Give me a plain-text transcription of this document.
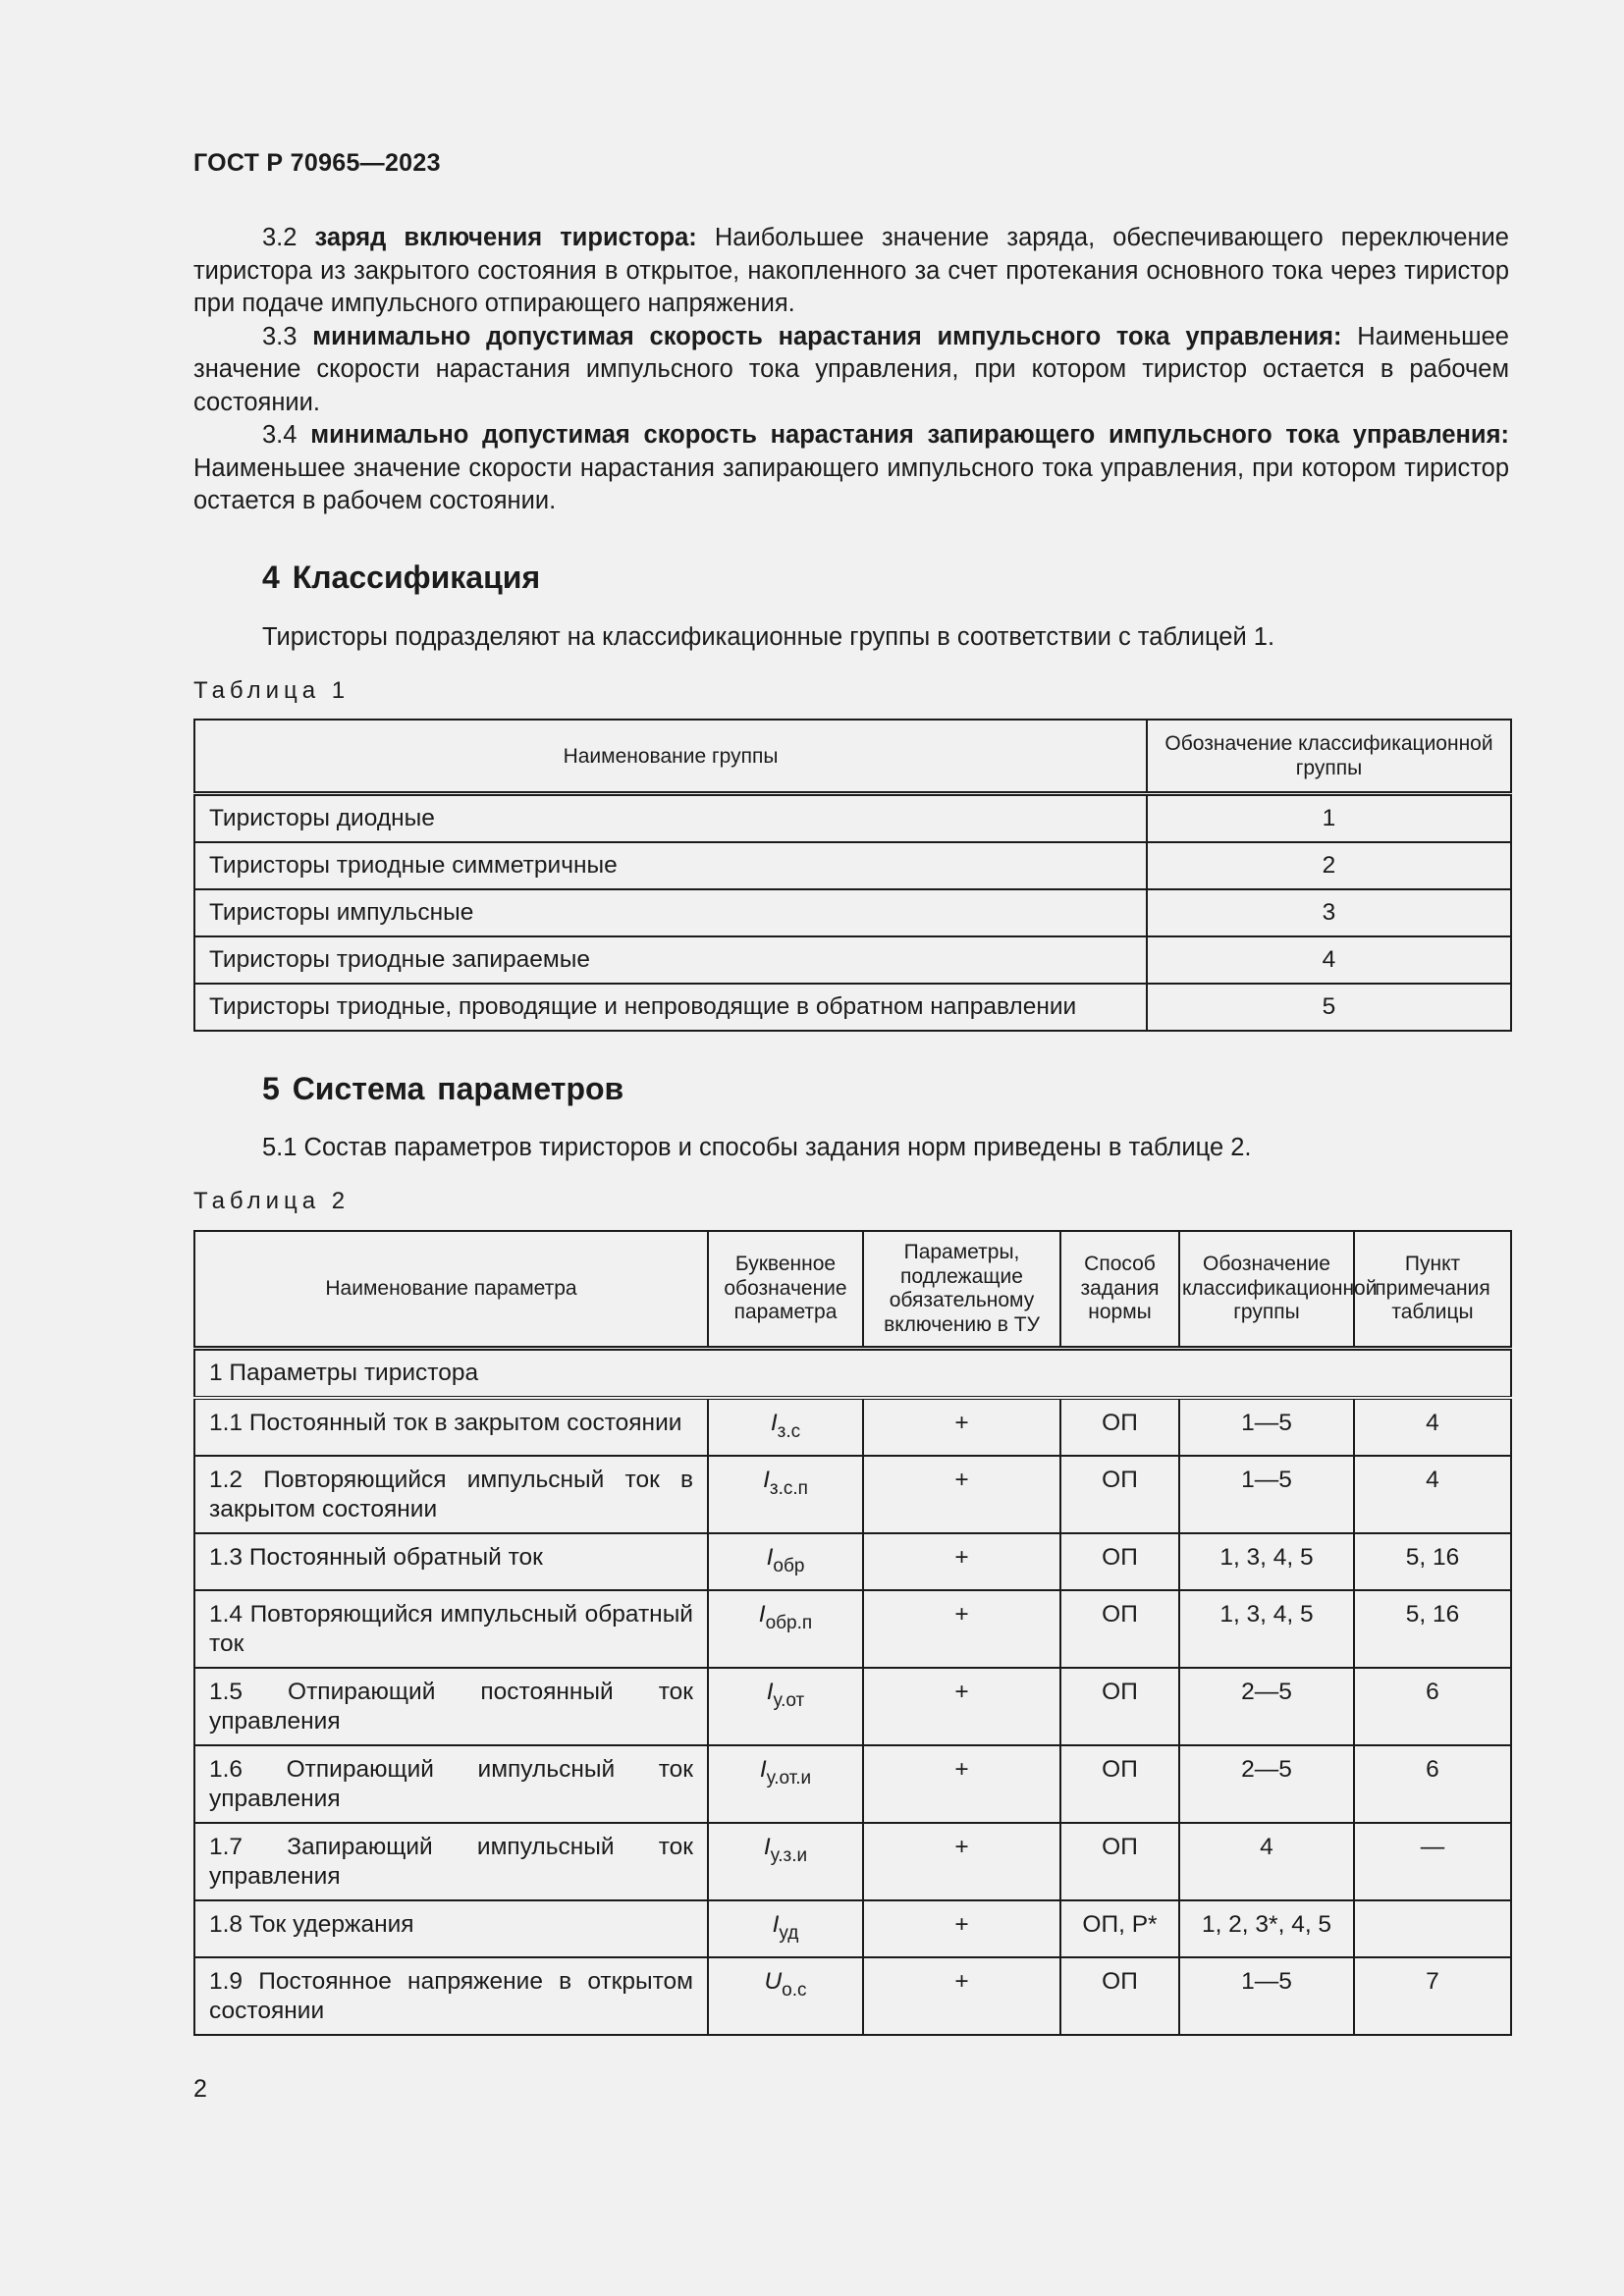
ГОСТ Р 70965—2023

3.2 заряд включения тиристора: Наибольшее значение заряда, обеспечивающего переключение тиристора из закрытого состояния в открытое, накопленного за счет протекания основного тока через тиристор при подаче импульсного отпирающего напряжения.

3.3 минимально допустимая скорость нарастания импульсного тока управления: Наименьшее значение скорости нарастания импульсного тока управления, при котором тиристор остается в рабочем состоянии.

3.4 минимально допустимая скорость нарастания запирающего импульсного тока управления: Наименьшее значение скорости нарастания запирающего импульсного тока управления, при котором тиристор остается в рабочем состоянии.

4 Классификация
Тиристоры подразделяют на классификационные группы в соответствии с таблицей 1.
Таблица 1
Наименование группы	Обозначение классификационной группы
Тиристоры диодные	1
Тиристоры триодные симметричные	2
Тиристоры импульсные	3
Тиристоры триодные запираемые	4
Тиристоры триодные, проводящие и непроводящие в обратном направлении	5
5 Система параметров
5.1 Состав параметров тиристоров и способы задания норм приведены в таблице 2.
Таблица 2
Наименование параметра	Буквенное обозначение параметра	Параметры, подлежащие обязательному включению в ТУ	Способ задания нормы	Обозначение классификационной группы	Пункт примечания таблицы
1 Параметры тиристора					
1.1 Постоянный ток в закрытом состоянии	$I_{з.с}$	+	ОП	1—5	4
1.2 Повторяющийся импульсный ток в закрытом состоянии	$I_{з.с.п}$	+	ОП	1—5	4
1.3 Постоянный обратный ток	$I_{обр}$	+	ОП	1, 3, 4, 5	5, 16
1.4 Повторяющийся импульсный обратный ток	$I_{обр.п}$	+	ОП	1, 3, 4, 5	5, 16
1.5 Отпирающий постоянный ток управления	$I_{у.от}$	+	ОП	2—5	6
1.6 Отпирающий импульсный ток управления	$I_{у.от.и}$	+	ОП	2—5	6
1.7 Запирающий импульсный ток управления	$I_{у.з.и}$	+	ОП	4	—
1.8 Ток удержания	$I_{уд}$	+	ОП, Р*	1, 2, 3*, 4, 5	
1.9 Постоянное напряжение в открытом состоянии	$U_{о.с}$	+	ОП	1—5	7
2
